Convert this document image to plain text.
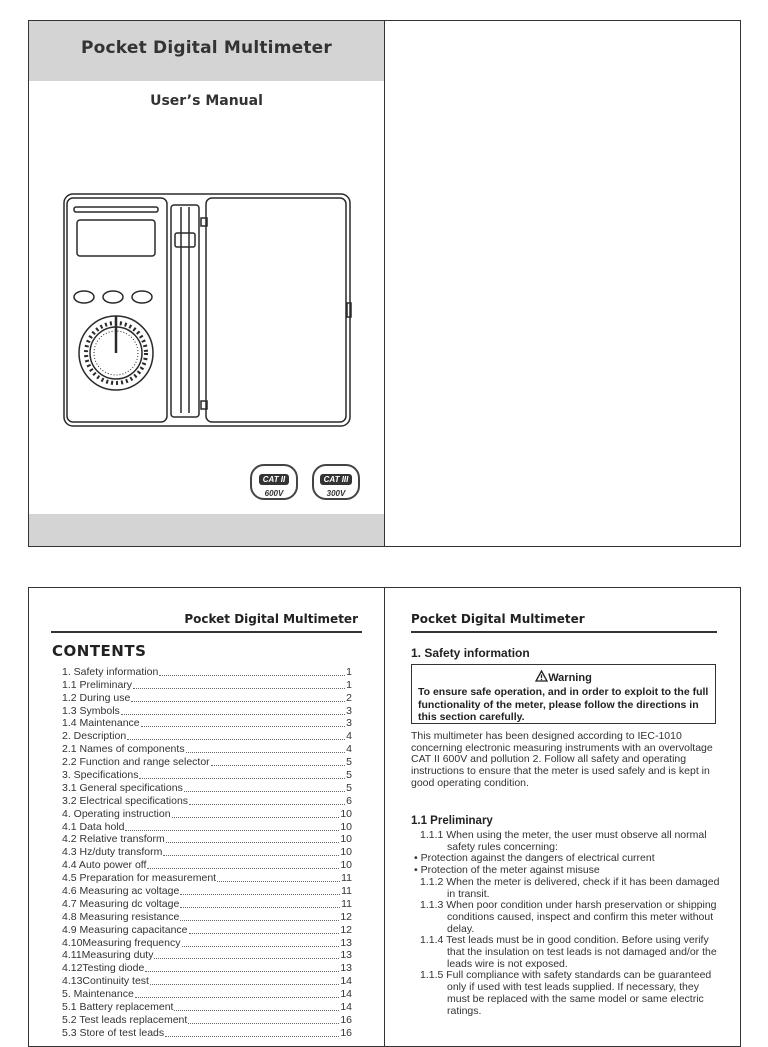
Pocket Digital Multimeter
User’s Manual
CAT II
600V
CAT III
300V
Pocket Digital Multimeter
CONTENTS
1. Safety information	1
1.1 Preliminary	1
1.2 During use	2
1.3 Symbols	3
1.4 Maintenance	3
2. Description	4
2.1 Names of components	4
2.2 Function and range selector	5
3. Specifications	5
3.1 General specifications	5
3.2 Electrical specifications	6
4. Operating instruction	10
4.1 Data hold	10
4.2 Relative transform	10
4.3 Hz/duty transform	10
4.4 Auto power off	10
4.5 Preparation for measurement	11
4.6 Measuring ac voltage	11
4.7 Measuring dc voltage	11
4.8 Measuring resistance	12
4.9 Measuring capacitance	12
4.10Measuring frequency	13
4.11Measuring duty	13
4.12Testing diode	13
4.13Continuity test	14
5. Maintenance	14
5.1 Battery replacement	14
5.2 Test leads replacement	16
5.3 Store of test leads	16
Pocket Digital Multimeter
1. Safety information
Warning
To ensure safe operation, and in order to exploit to the full functionality of the meter, please follow the directions in this section carefully.
This multimeter has been designed according to IEC-1010 concerning electronic measuring instruments with an overvoltage CAT II 600V and pollution 2. Follow all safety and operating instructions to ensure that the meter is used safely and is kept in good operating condition.
1.1 Preliminary
1.1.1 When using the meter, the user must observe all normal safety rules concerning:
• Protection against the dangers of electrical current
• Protection of the meter against misuse
1.1.2 When the meter is delivered, check if it has been damaged in transit.
1.1.3 When poor condition under harsh preservation or shipping conditions caused, inspect and confirm this meter without delay.
1.1.4 Test leads must be in good condition. Before using verify that the insulation on test leads is not damaged and/or the leads wire is not exposed.
1.1.5 Full compliance with safety standards can be guaranteed only if used with test leads supplied. If necessary, they must be replaced with the same model or same electric ratings.
